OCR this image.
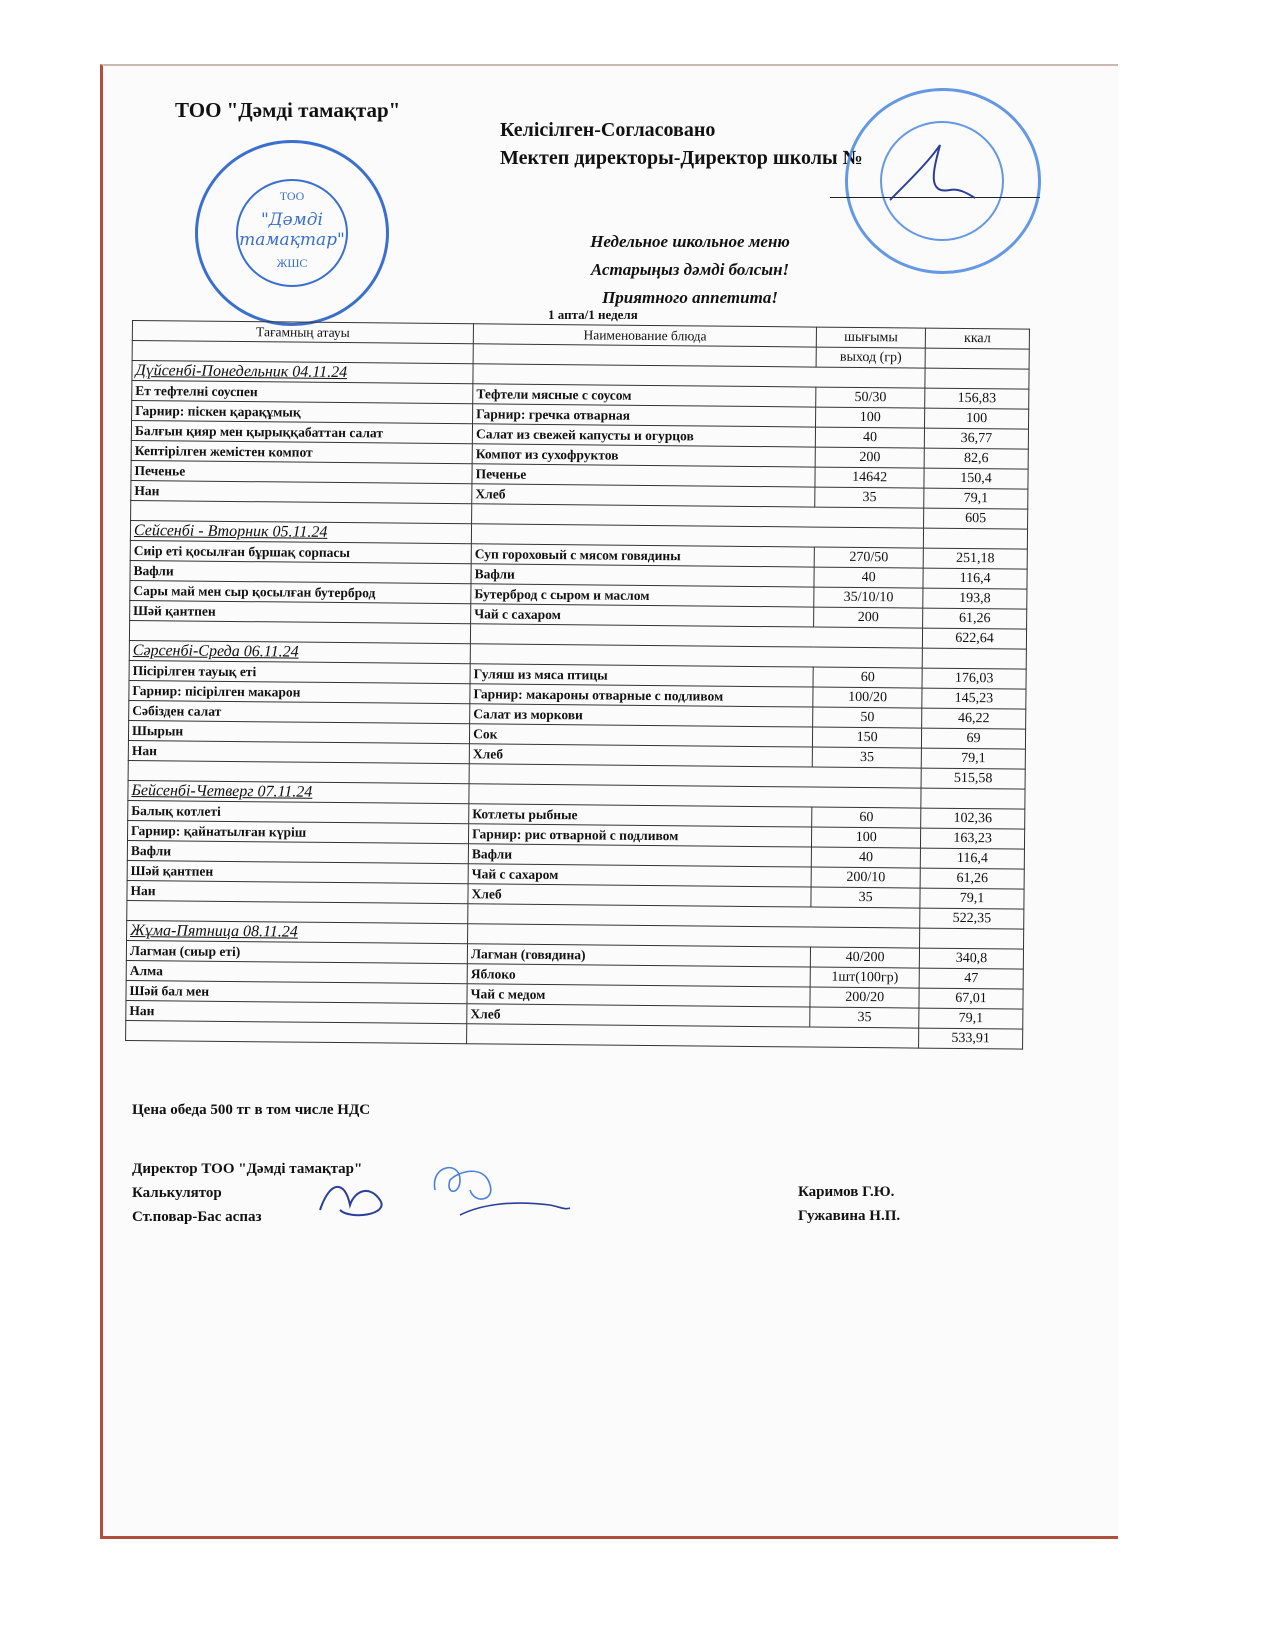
ТОО "Дәмді тамақтар"
ТОО
"Дәмді
тамақтар"
ЖШС
Келісілген-Согласовано
Мектеп директоры-Директор школы №
Недельное школьное меню
Астарыңыз дәмді болсын!
Приятного аппетита!
1 апта/1 неделя
Тағамның атауы	Наименование блюда	шығымы	ккал
		выход (гр)	
Дүйсенбі-Понедельник 04.11.24			
Ет тефтелні соуспен	Тефтели мясные с соусом	50/30	156,83
Гарнир: піскен қарақұмық	Гарнир: гречка отварная	100	100
Балғын қияр мен қырыққабаттан салат	Салат из свежей капусты и огурцов	40	36,77
Кептірілген жемістен компот	Компот из сухофруктов	200	82,6
Печенье	Печенье	14642	150,4
Нан	Хлеб	35	79,1
			605
Сейсенбі - Вторник 05.11.24			
Сиір еті қосылған бұршақ сорпасы	Суп гороховый с мясом говядины	270/50	251,18
Вафли	Вафли	40	116,4
Сары май мен сыр қосылған бутерброд	Бутерброд с сыром и маслом	35/10/10	193,8
Шәй қантпен	Чай с сахаром	200	61,26
			622,64
Сәрсенбі-Среда 06.11.24			
Пісірілген тауық еті	Гуляш из мяса птицы	60	176,03
Гарнир: пісірілген макарон	Гарнир: макароны отварные с подливом	100/20	145,23
Сәбізден салат	Салат из моркови	50	46,22
Шырын	Сок	150	69
Нан	Хлеб	35	79,1
			515,58
Бейсенбі-Четверг 07.11.24			
Балық котлеті	Котлеты рыбные	60	102,36
Гарнир: қайнатылған күріш	Гарнир: рис отварной с подливом	100	163,23
Вафли	Вафли	40	116,4
Шәй қантпен	Чай с сахаром	200/10	61,26
Нан	Хлеб	35	79,1
			522,35
Жұма-Пятница 08.11.24			
Лагман (сиыр еті)	Лагман (говядина)	40/200	340,8
Алма	Яблоко	1шт(100гр)	47
Шәй бал мен	Чай с медом	200/20	67,01
Нан	Хлеб	35	79,1
			533,91
Цена обеда 500 тг в том числе НДС
Директор ТОО "Дәмді тамақтар"
Калькулятор
Ст.повар-Бас аспаз
Каримов Г.Ю.
Гужавина Н.П.
